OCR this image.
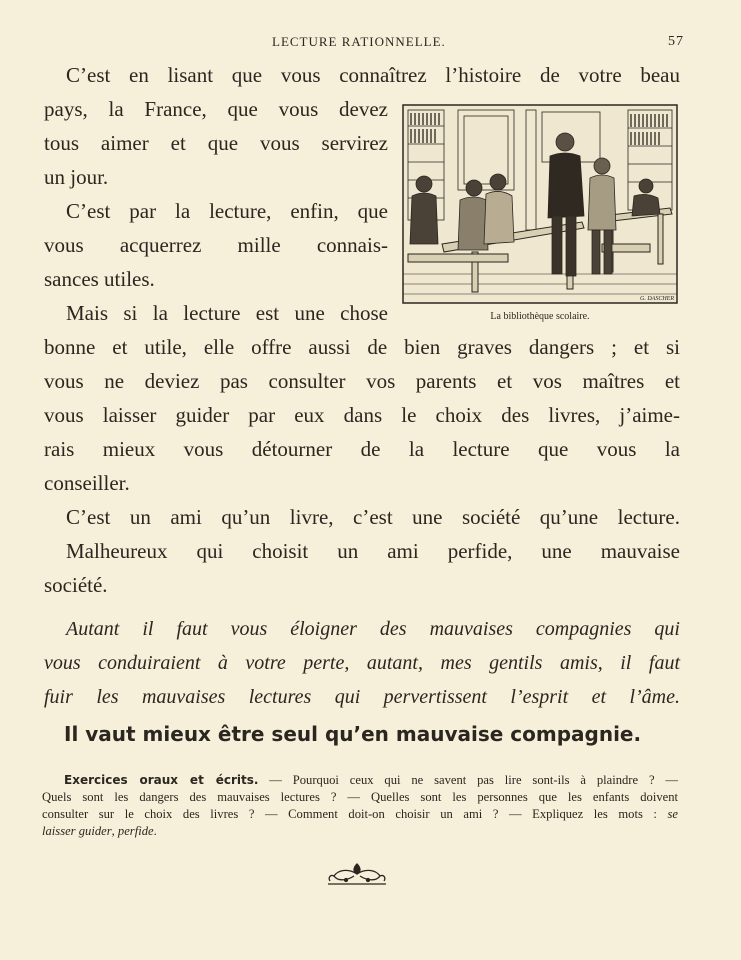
LECTURE RATIONNELLE.	57
C’est en lisant que vous connaîtrez l’histoire de votre beau
pays, la France, que vous devez
tous aimer et que vous servirez
un jour.
C’est par la lecture, enfin, que
vous acquerrez mille connais-
sances utiles.
G. DASCHER
La bibliothèque scolaire.
Mais si la lecture est une chose
bonne et utile, elle offre aussi de bien graves dangers ; et si
vous ne deviez pas consulter vos parents et vos maîtres et
vous laisser guider par eux dans le choix des livres, j’aime-
rais mieux vous détourner de la lecture que vous la
conseiller.
C’est un ami qu’un livre, c’est une société qu’une lecture.
Malheureux qui choisit un ami perfide, une mauvaise
société.
Autant il faut vous éloigner des mauvaises compagnies qui
vous conduiraient à votre perte, autant, mes gentils amis, il faut
fuir les mauvaises lectures qui pervertissent l’esprit et l’âme.
Il vaut mieux être seul qu’en mauvaise compagnie.
Exercices oraux et écrits. — Pourquoi ceux qui ne savent pas lire sont-ils à plaindre ? —
Quels sont les dangers des mauvaises lectures ? — Quelles sont les personnes que les enfants doivent
consulter sur le choix des livres ? — Comment doit-on choisir un ami ? — Expliquez les mots : se
laisser guider, perfide.
